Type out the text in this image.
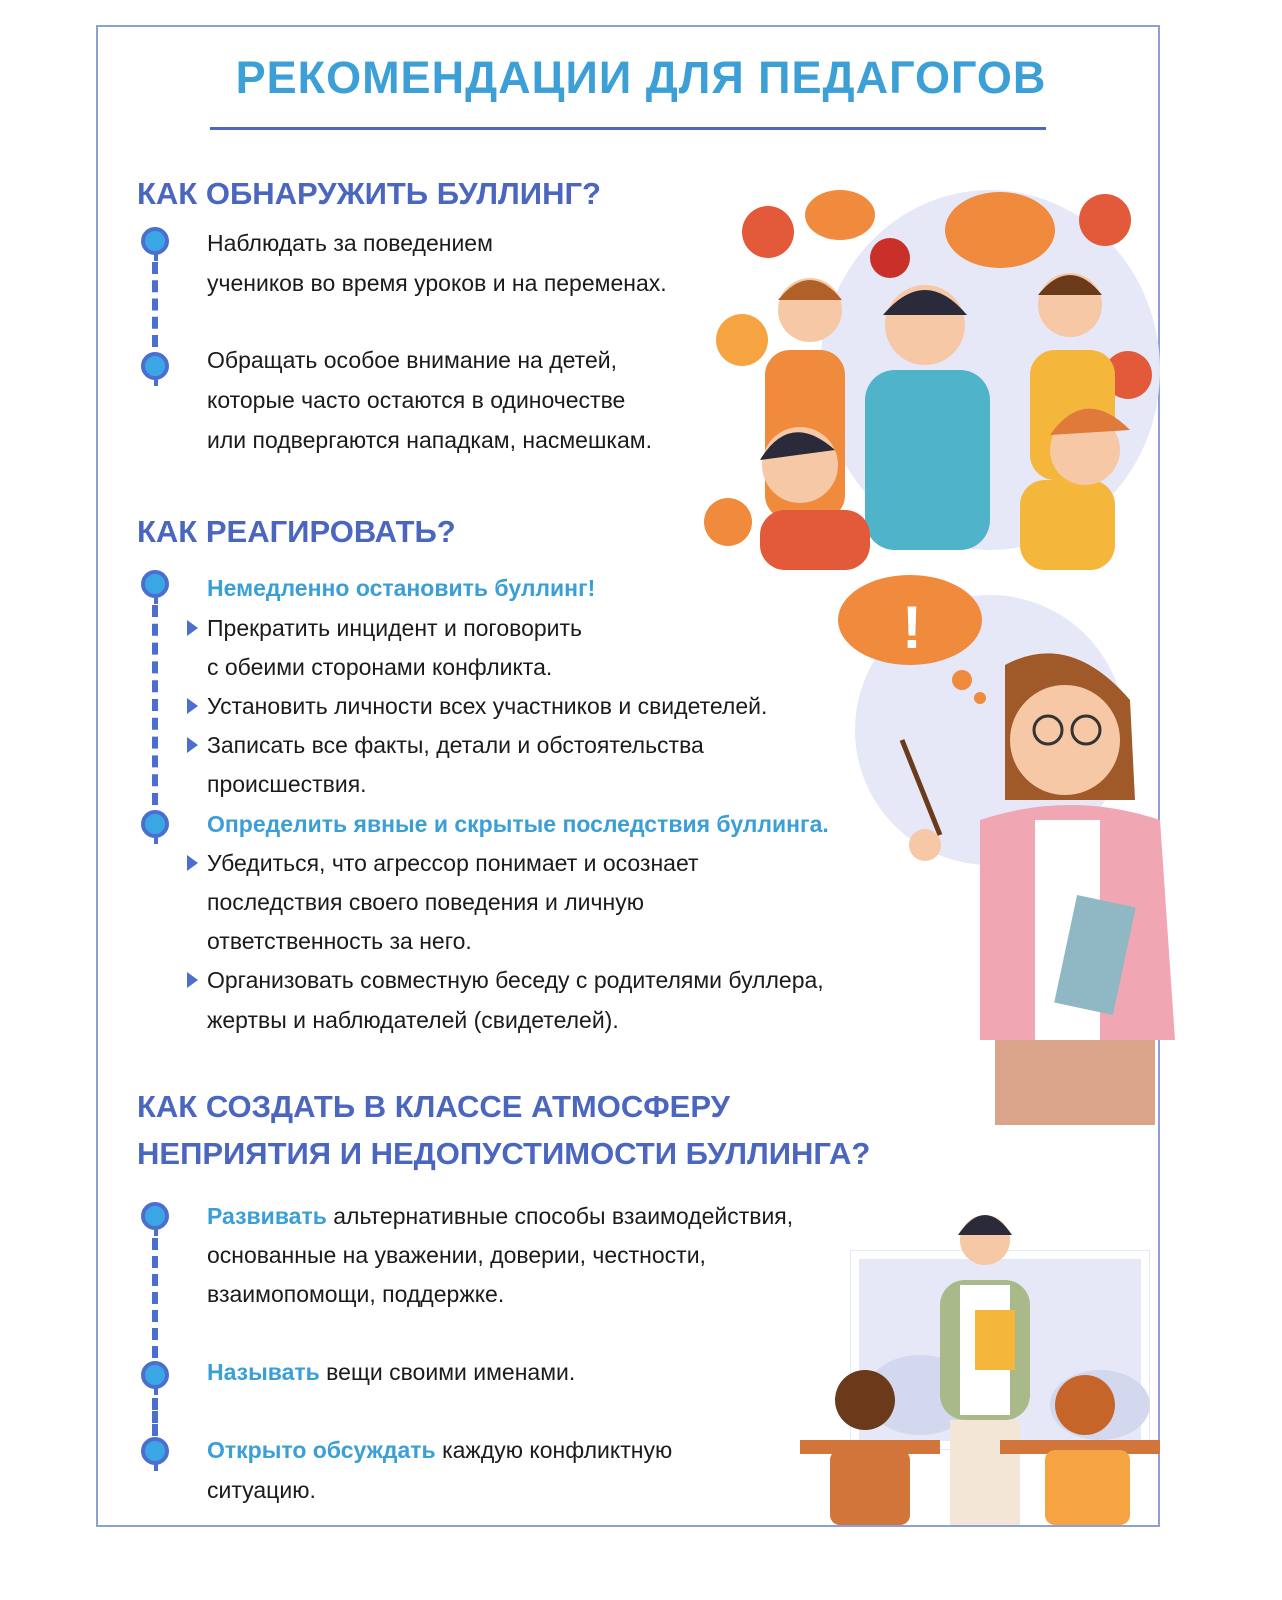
РЕКОМЕНДАЦИИ ДЛЯ ПЕДАГОГОВ
КАК ОБНАРУЖИТЬ БУЛЛИНГ?
Наблюдать за поведением
учеников во время уроков и на переменах.
Обращать особое внимание на детей,
которые часто остаются в одиночестве
или подвергаются нападкам, насмешкам.
КАК РЕАГИРОВАТЬ?
Немедленно остановить буллинг!
Прекратить инцидент и поговорить
с обеими сторонами конфликта.
Установить личности всех участников и свидетелей.
Записать все факты, детали и обстоятельства
происшествия.
Определить явные и скрытые последствия буллинга.
Убедиться, что агрессор понимает и осознает
последствия своего поведения и личную
ответственность за него.
Организовать совместную беседу с родителями буллера,
жертвы и наблюдателей (свидетелей).
КАК СОЗДАТЬ В КЛАССЕ АТМОСФЕРУ
НЕПРИЯТИЯ И НЕДОПУСТИМОСТИ БУЛЛИНГА?
Развивать альтернативные способы взаимодействия,
основанные на уважении, доверии, честности,
взаимопомощи, поддержке.
Называть вещи своими именами.
Открыто обсуждать каждую конфликтную
ситуацию.
!
